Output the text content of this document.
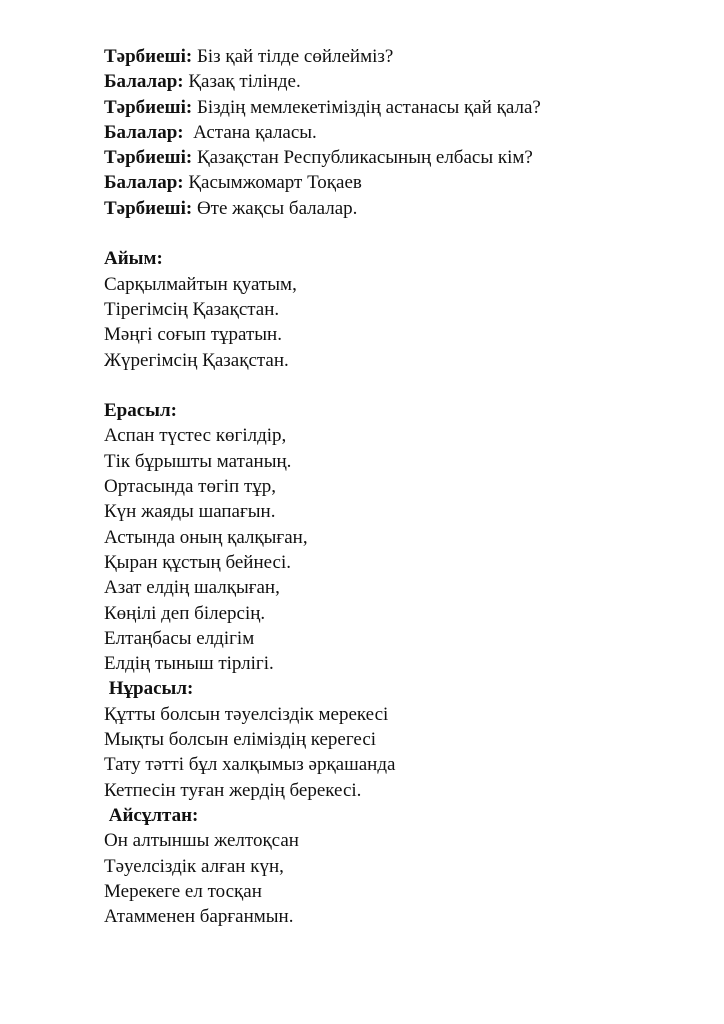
Тәрбиеші: Біз қай тілде сөйлейміз?
Балалар: Қазақ тілінде.
Тәрбиеші: Біздің мемлекетіміздің астанасы қай қала?
Балалар:  Астана қаласы.
Тәрбиеші: Қазақстан Республикасының елбасы кім?
Балалар: Қасымжомарт Тоқаев
Тәрбиеші: Өте жақсы балалар.
Айым:
Сарқылмайтын қуатым,
Тірегімсің Қазақстан.
Мәңгі соғып тұратын.
Жүрегімсің Қазақстан.
Ерасыл:
Аспан түстес көгілдір,
Тік бұрышты матаның.
Ортасында төгіп тұр,
Күн жаяды шапағын.
Астында оның қалқыған,
Қыран құстың бейнесі.
Азат елдің шалқыған,
Көңілі деп білерсің.
Елтаңбасы елдігім
Елдің тыныш тірлігі.
Нұрасыл:
Құтты болсын тәуелсіздік мерекесі
Мықты болсын еліміздің керегесі
Тату тәтті бұл халқымыз әрқашанда
Кетпесін туған жердің берекесі.
Айсұлтан:
Он алтыншы желтоқсан
Тәуелсіздік алған күн,
Мерекеге ел тосқан
Атамменен барғанмын.
